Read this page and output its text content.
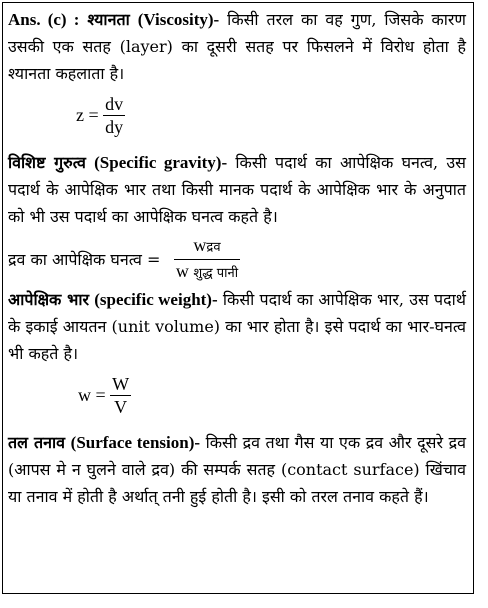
Ans. (c) : श्यानता (Viscosity)- किसी तरल का वह गुण, जिसके कारण उसकी एक सतह (layer) का दूसरी सतह पर फिसलने में विरोध होता है श्यानता कहलाता है।

z =
$\frac{dv}{dy}$

विशिष्ट गुरुत्व (Specific gravity)- किसी पदार्थ का आपेक्षिक घनत्व, उस पदार्थ के आपेक्षिक भार तथा किसी मानक पदार्थ के आपेक्षिक भार के अनुपात को भी उस पदार्थ का आपेक्षिक घनत्व कहते है।

द्रव का आपेक्षिक घनत्व =
$\frac{\text{wद्रव}}{\text{w शुद्ध पानी}}$

आपेक्षिक भार (specific weight)- किसी पदार्थ का आपेक्षिक भार, उस पदार्थ के इकाई आयतन (unit volume) का भार होता है। इसे पदार्थ का भार-घनत्व भी कहते है।

w =
$\frac{W}{V}$

तल तनाव (Surface tension)- किसी द्रव तथा गैस या एक द्रव और दूसरे द्रव (आपस मे न घुलने वाले द्रव) की सम्पर्क सतह (contact surface) खिंचाव या तनाव में होती है अर्थात् तनी हुई होती है। इसी को तरल तनाव कहते हैं।
